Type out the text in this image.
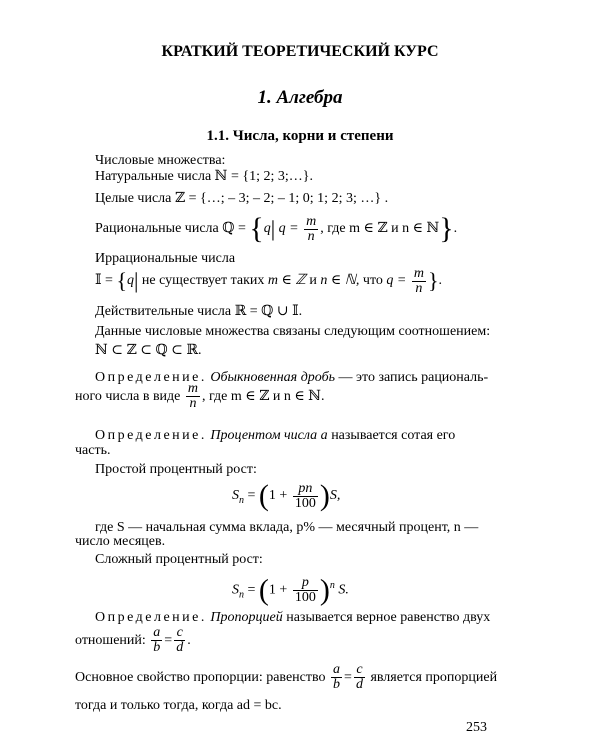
КРАТКИЙ ТЕОРЕТИЧЕСКИЙ КУРС
1. Алгебра
1.1. Числа, корни и степени
Числовые множества:
Натуральные числа ℕ = {1; 2; 3;…}.
Целые числа ℤ = {…; – 3; – 2; – 1; 0; 1; 2; 3; …} .
Рациональные числа ℚ = {q| $q = \frac{m}{n}$ , где m ∈ ℤ и n ∈ ℕ}.
Иррациональные числа
𝕀 = {q| не существует таких m ∈ ℤ и n ∈ ℕ, что $q = \frac{m}{n}$ }.
Действительные числа ℝ = ℚ ∪ 𝕀.
Данные числовые множества связаны следующим соотношением:
ℕ ⊂ ℤ ⊂ ℚ ⊂ ℝ.
Определение. Обыкновенная дробь — это запись рациональ-
ного числа в виде $\frac{m}{n}$ , где m ∈ ℤ и n ∈ ℕ.
Определение. Процентом числа a называется сотая его
часть.
Простой процентный рост:
$S_n = (1 + \frac{pn}{100} )S$,
где S — начальная сумма вклада, p% — месячный процент, n —
число месяцев.
Сложный процентный рост:
$S_n = (1 + \frac{p}{100} )^n$ S.
Определение. Пропорцией называется верное равенство двух
отношений: $\frac{a}{b} = \frac{c}{d}$ .
Основное свойство пропорции: равенство $\frac{a}{b} = \frac{c}{d}$ является пропорцией
тогда и только тогда, когда ad = bc.
253
